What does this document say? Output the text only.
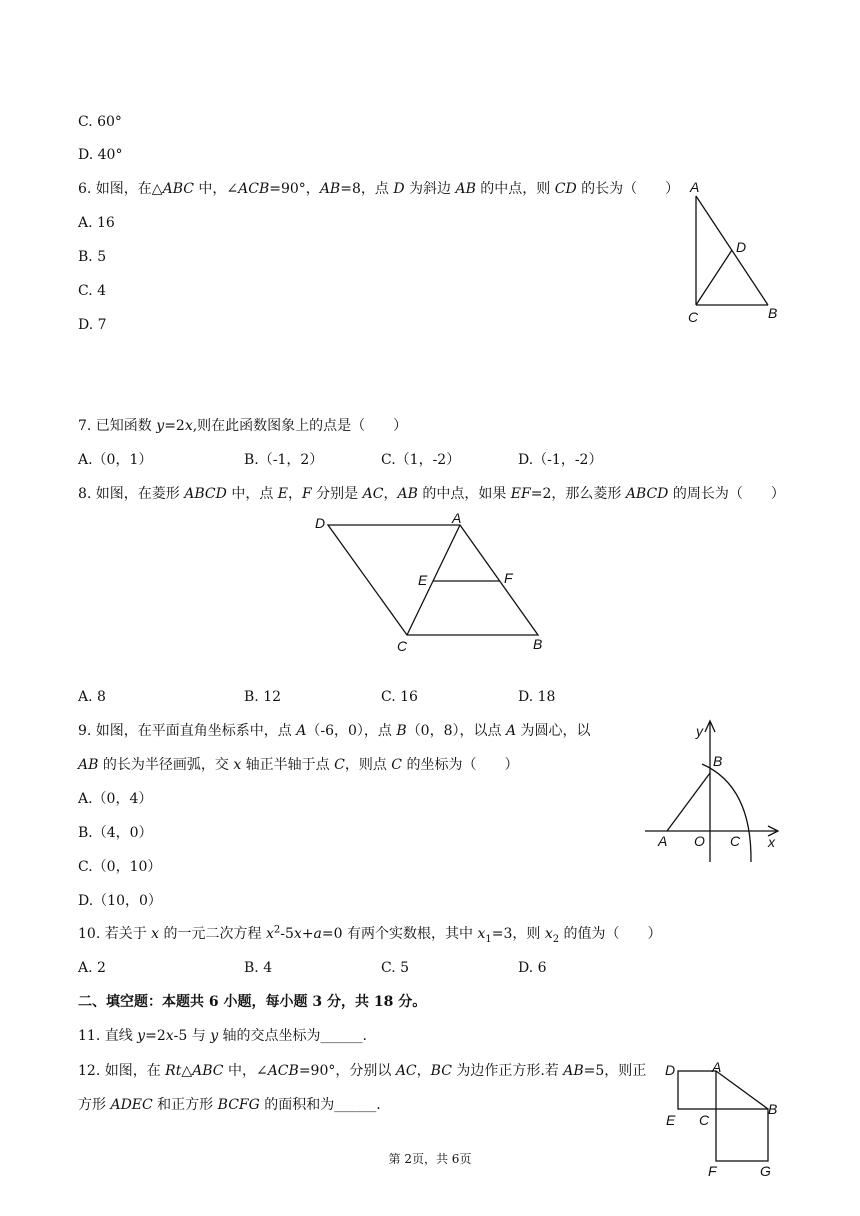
C. 60°
D. 40°
6. 如图，在△ABC 中，∠ACB=90°，AB=8，点 D 为斜边 AB 的中点，则 CD 的长为（　　）
A. 16
B. 5
C. 4
D. 7
A
D
C	B
7. 已知函数 y=2x,则在此函数图象上的点是（　　）
A.（0，1）	B.（-1，2）	C.（1，-2）	D.（-1，-2）
8. 如图，在菱形 ABCD 中，点 E，F 分别是 AC，AB 的中点，如果 EF=2，那么菱形 ABCD 的周长为（　　）
D	A
E	F
C	B
A. 8	B. 12	C. 16	D. 18
9. 如图，在平面直角坐标系中，点 A（-6，0），点 B（0，8），以点 A 为圆心，以
AB 的长为半径画弧，交 x 轴正半轴于点 C，则点 C 的坐标为（　　）
A.（0，4）
B.（4，0）
C.（0，10）
D.（10，0）
y
B
A O C x
10. 若关于 x 的一元二次方程 $x^2-5x+a=0$ 有两个实数根，其中 $x_1=3$，则 $x_2$ 的值为（　　）
A. 2	B. 4	C. 5	D. 6
二、填空题：本题共 6 小题，每小题 3 分，共 18 分。
11. 直线 y=2x-5 与 y 轴的交点坐标为______.
12. 如图，在 Rt△ABC 中，∠ACB=90°，分别以 AC，BC 为边作正方形.若 AB=5，则正
方形 ADEC 和正方形 BCFG 的面积和为______.
D	A
E C
B
F	G
第 2页，共 6页
